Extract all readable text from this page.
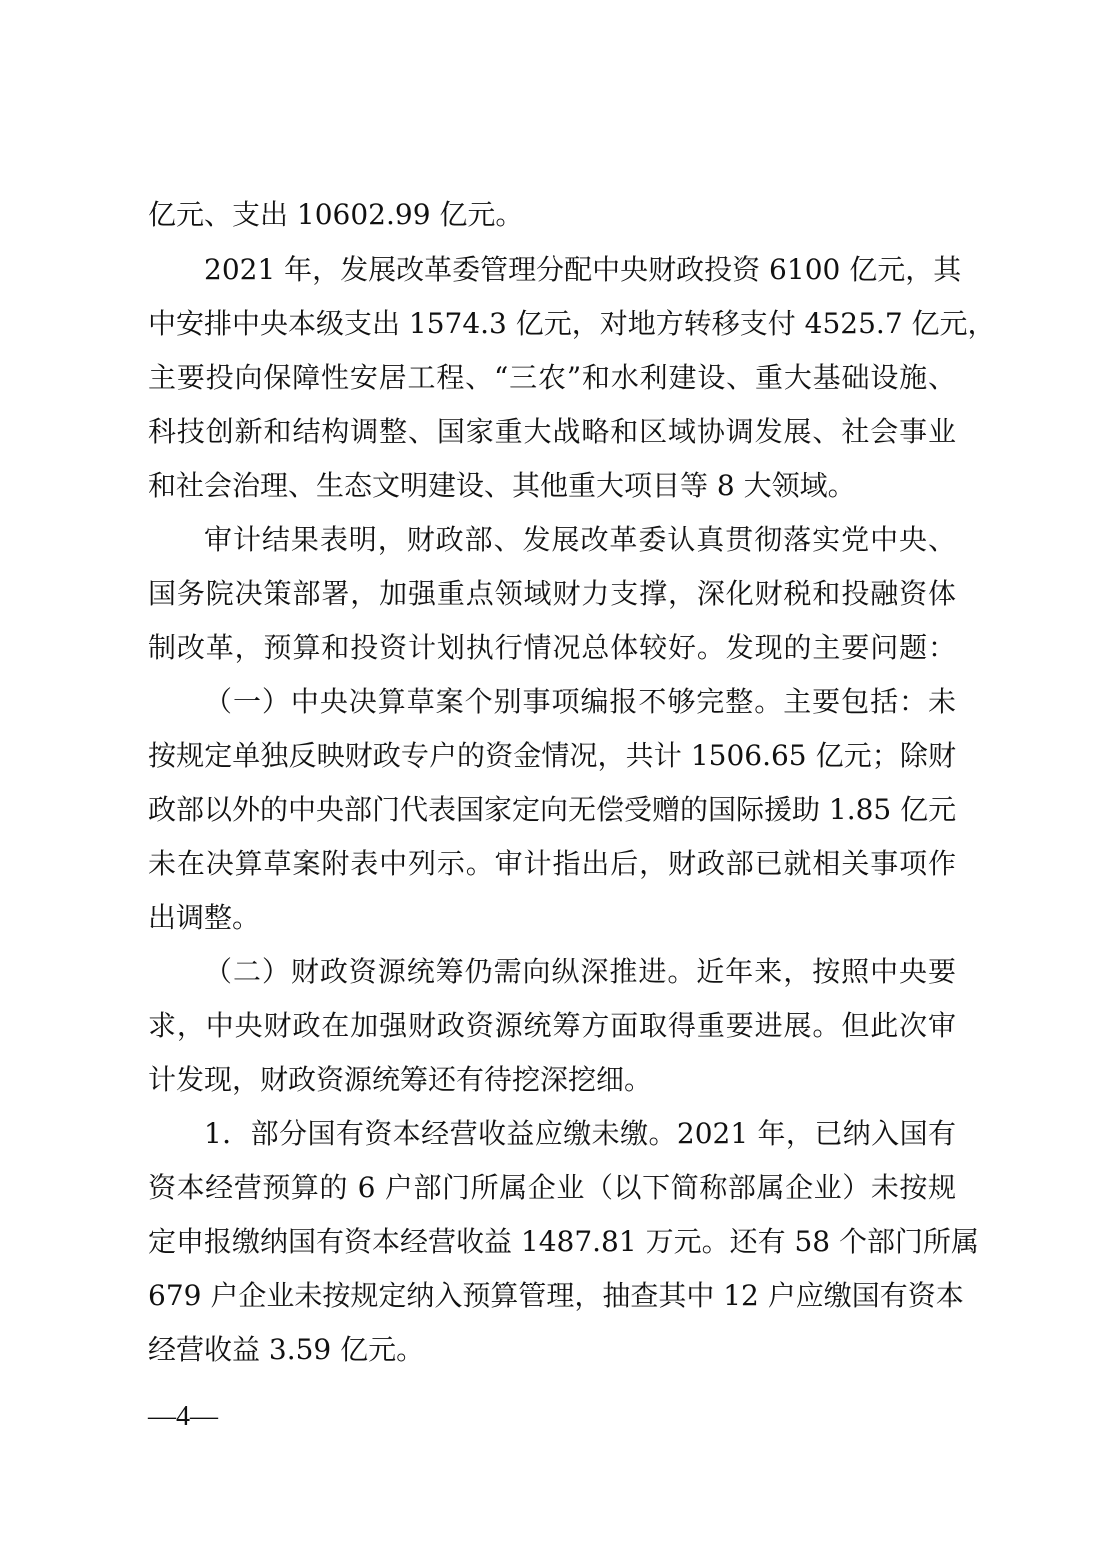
亿元、支出 10602.99 亿元。
2021 年，发展改革委管理分配中央财政投资 6100 亿元，其
中安排中央本级支出 1574.3 亿元，对地方转移支付 4525.7 亿元，
主要投向保障性安居工程、“三农”和水利建设、重大基础设施、
科技创新和结构调整、国家重大战略和区域协调发展、社会事业
和社会治理、生态文明建设、其他重大项目等 8 大领域。
审计结果表明，财政部、发展改革委认真贯彻落实党中央、
国务院决策部署，加强重点领域财力支撑，深化财税和投融资体
制改革，预算和投资计划执行情况总体较好。发现的主要问题：
（一）中央决算草案个别事项编报不够完整。主要包括：未
按规定单独反映财政专户的资金情况，共计 1506.65 亿元；除财
政部以外的中央部门代表国家定向无偿受赠的国际援助 1.85 亿元
未在决算草案附表中列示。审计指出后，财政部已就相关事项作
出调整。
（二）财政资源统筹仍需向纵深推进。近年来，按照中央要
求，中央财政在加强财政资源统筹方面取得重要进展。但此次审
计发现，财政资源统筹还有待挖深挖细。
1．部分国有资本经营收益应缴未缴。2021 年，已纳入国有
资本经营预算的 6 户部门所属企业（以下简称部属企业）未按规
定申报缴纳国有资本经营收益 1487.81 万元。还有 58 个部门所属
679 户企业未按规定纳入预算管理，抽查其中 12 户应缴国有资本
经营收益 3.59 亿元。
—4—
